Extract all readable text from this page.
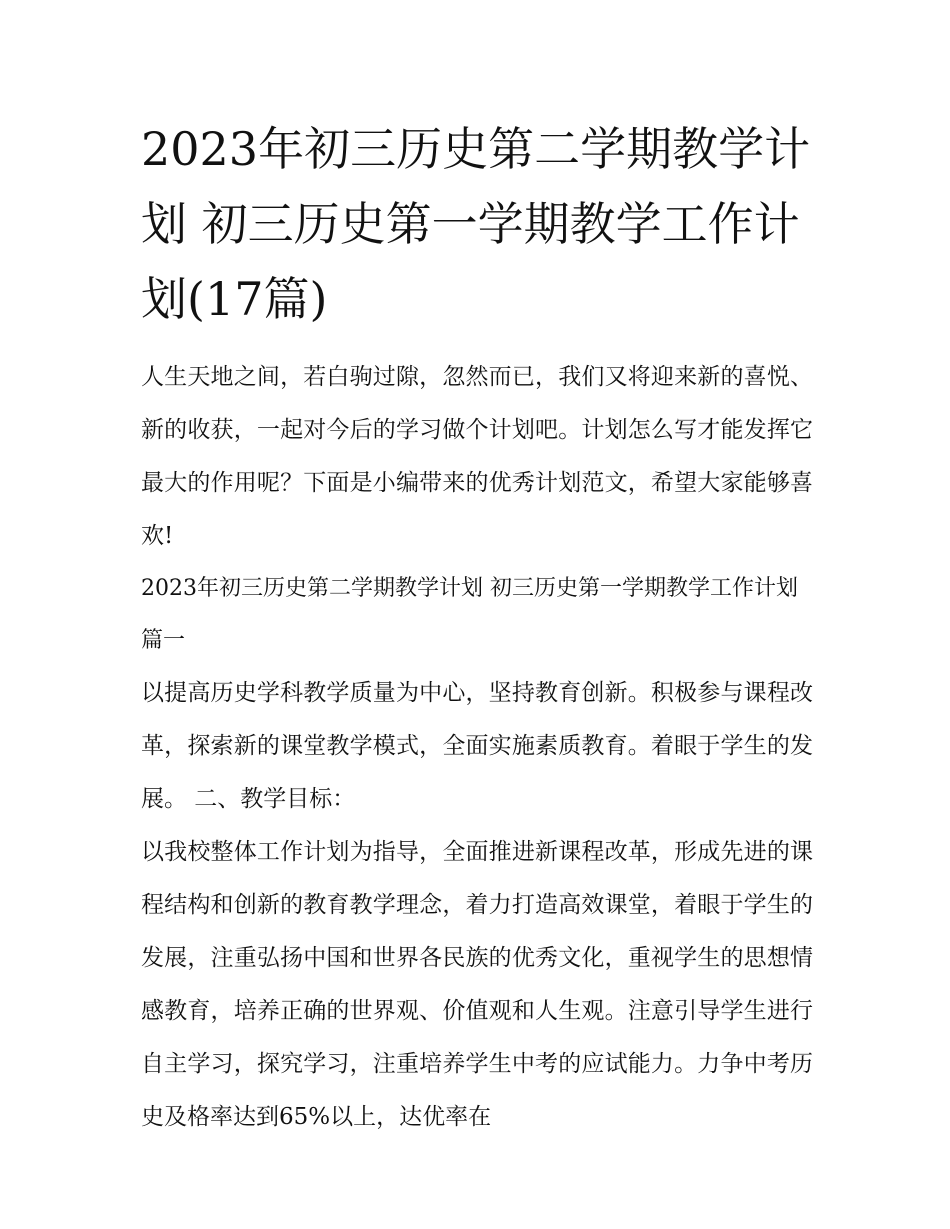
2023年初三历史第二学期教学计划 初三历史第一学期教学工作计划(17篇)

人生天地之间，若白驹过隙，忽然而已，我们又将迎来新的喜悦、新的收获，一起对今后的学习做个计划吧。计划怎么写才能发挥它最大的作用呢？下面是小编带来的优秀计划范文，希望大家能够喜欢!

2023年初三历史第二学期教学计划 初三历史第一学期教学工作计划篇一

以提高历史学科教学质量为中心，坚持教育创新。积极参与课程改革，探索新的课堂教学模式，全面实施素质教育。着眼于学生的发展。 二、教学目标：

以我校整体工作计划为指导，全面推进新课程改革，形成先进的课程结构和创新的教育教学理念，着力打造高效课堂，着眼于学生的发展，注重弘扬中国和世界各民族的优秀文化，重视学生的思想情感教育，培养正确的世界观、价值观和人生观。注意引导学生进行自主学习，探究学习，注重培养学生中考的应试能力。力争中考历史及格率达到65%以上，达优率在
